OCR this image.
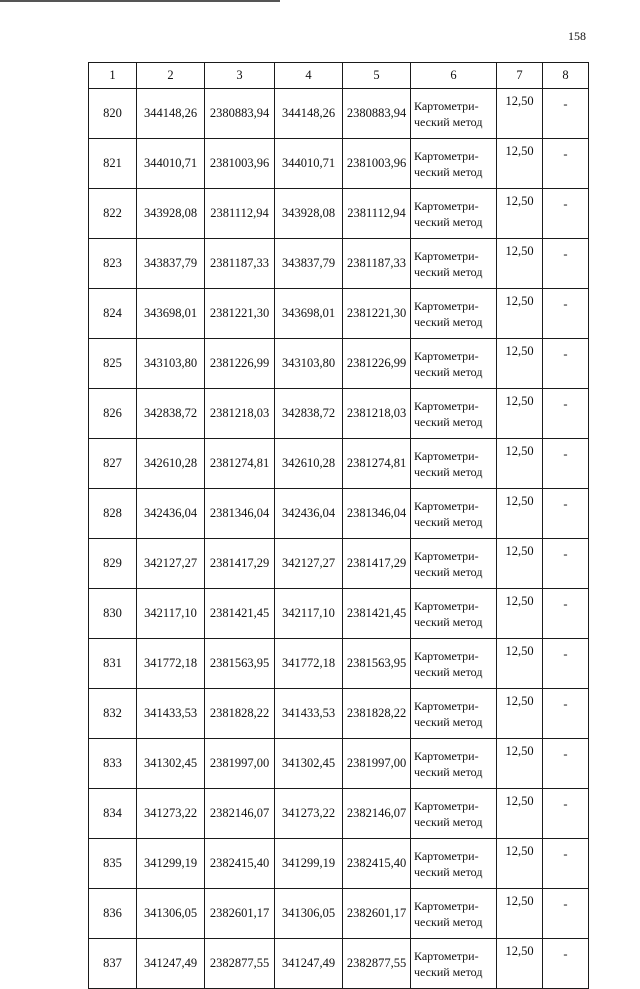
158
1	2	3	4	5	6	7	8
820	344148,26	2380883,94	344148,26	2380883,94	Картометри-
ческий метод	12,50	-
821	344010,71	2381003,96	344010,71	2381003,96	Картометри-
ческий метод	12,50	-
822	343928,08	2381112,94	343928,08	2381112,94	Картометри-
ческий метод	12,50	-
823	343837,79	2381187,33	343837,79	2381187,33	Картометри-
ческий метод	12,50	-
824	343698,01	2381221,30	343698,01	2381221,30	Картометри-
ческий метод	12,50	-
825	343103,80	2381226,99	343103,80	2381226,99	Картометри-
ческий метод	12,50	-
826	342838,72	2381218,03	342838,72	2381218,03	Картометри-
ческий метод	12,50	-
827	342610,28	2381274,81	342610,28	2381274,81	Картометри-
ческий метод	12,50	-
828	342436,04	2381346,04	342436,04	2381346,04	Картометри-
ческий метод	12,50	-
829	342127,27	2381417,29	342127,27	2381417,29	Картометри-
ческий метод	12,50	-
830	342117,10	2381421,45	342117,10	2381421,45	Картометри-
ческий метод	12,50	-
831	341772,18	2381563,95	341772,18	2381563,95	Картометри-
ческий метод	12,50	-
832	341433,53	2381828,22	341433,53	2381828,22	Картометри-
ческий метод	12,50	-
833	341302,45	2381997,00	341302,45	2381997,00	Картометри-
ческий метод	12,50	-
834	341273,22	2382146,07	341273,22	2382146,07	Картометри-
ческий метод	12,50	-
835	341299,19	2382415,40	341299,19	2382415,40	Картометри-
ческий метод	12,50	-
836	341306,05	2382601,17	341306,05	2382601,17	Картометри-
ческий метод	12,50	-
837	341247,49	2382877,55	341247,49	2382877,55	Картометри-
ческий метод	12,50	-
